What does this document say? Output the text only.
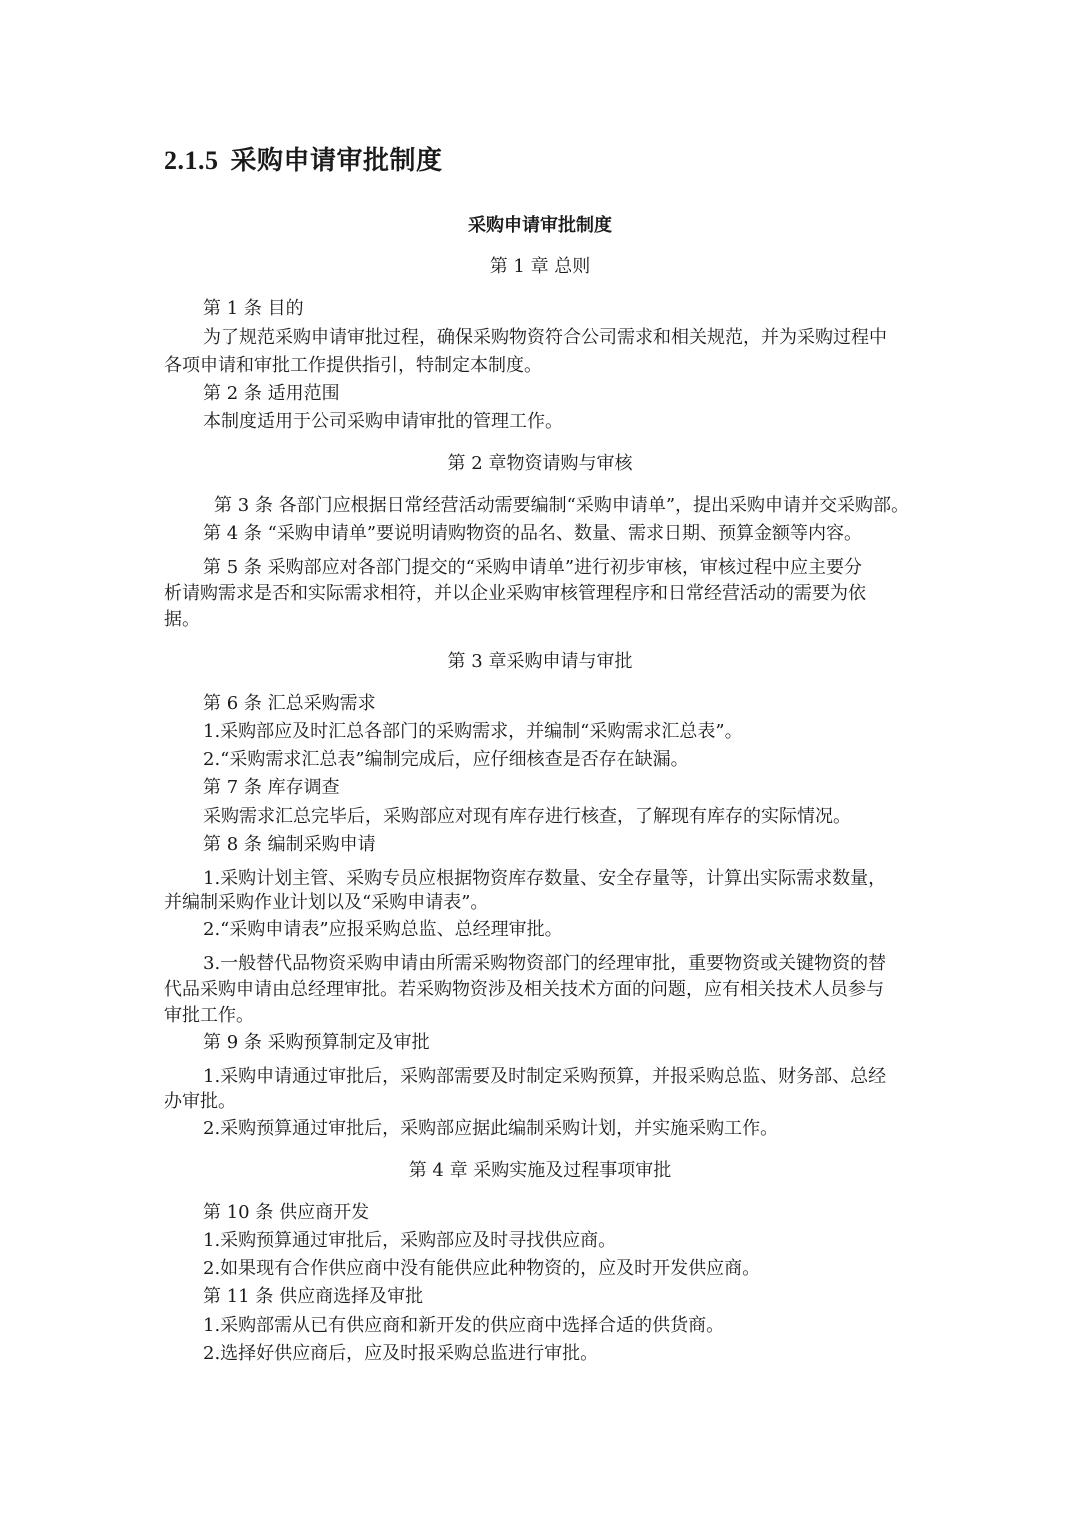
2.1.5 采购申请审批制度
采购申请审批制度
第 1 章 总则
第 1 条 目的
为了规范采购申请审批过程，确保采购物资符合公司需求和相关规范，并为采购过程中
各项申请和审批工作提供指引，特制定本制度。
第 2 条 适用范围
本制度适用于公司采购申请审批的管理工作。
第 2 章物资请购与审核
第 3 条 各部门应根据日常经营活动需要编制“采购申请单”，提出采购申请并交采购部。
第 4 条 “采购申请单”要说明请购物资的品名、数量、需求日期、预算金额等内容。
第 5 条 采购部应对各部门提交的“采购申请单”进行初步审核，审核过程中应主要分
析请购需求是否和实际需求相符，并以企业采购审核管理程序和日常经营活动的需要为依
据。
第 3 章采购申请与审批
第 6 条 汇总采购需求
1.采购部应及时汇总各部门的采购需求，并编制“采购需求汇总表”。
2.“采购需求汇总表”编制完成后，应仔细核查是否存在缺漏。
第 7 条 库存调查
采购需求汇总完毕后，采购部应对现有库存进行核查，了解现有库存的实际情况。
第 8 条 编制采购申请
1.采购计划主管、采购专员应根据物资库存数量、安全存量等，计算出实际需求数量，
并编制采购作业计划以及“采购申请表”。
2.“采购申请表”应报采购总监、总经理审批。
3.一般替代品物资采购申请由所需采购物资部门的经理审批，重要物资或关键物资的替
代品采购申请由总经理审批。若采购物资涉及相关技术方面的问题，应有相关技术人员参与
审批工作。
第 9 条 采购预算制定及审批
1.采购申请通过审批后，采购部需要及时制定采购预算，并报采购总监、财务部、总经
办审批。
2.采购预算通过审批后，采购部应据此编制采购计划，并实施采购工作。
第 4 章 采购实施及过程事项审批
第 10 条 供应商开发
1.采购预算通过审批后，采购部应及时寻找供应商。
2.如果现有合作供应商中没有能供应此种物资的，应及时开发供应商。
第 11 条 供应商选择及审批
1.采购部需从已有供应商和新开发的供应商中选择合适的供货商。
2.选择好供应商后，应及时报采购总监进行审批。
